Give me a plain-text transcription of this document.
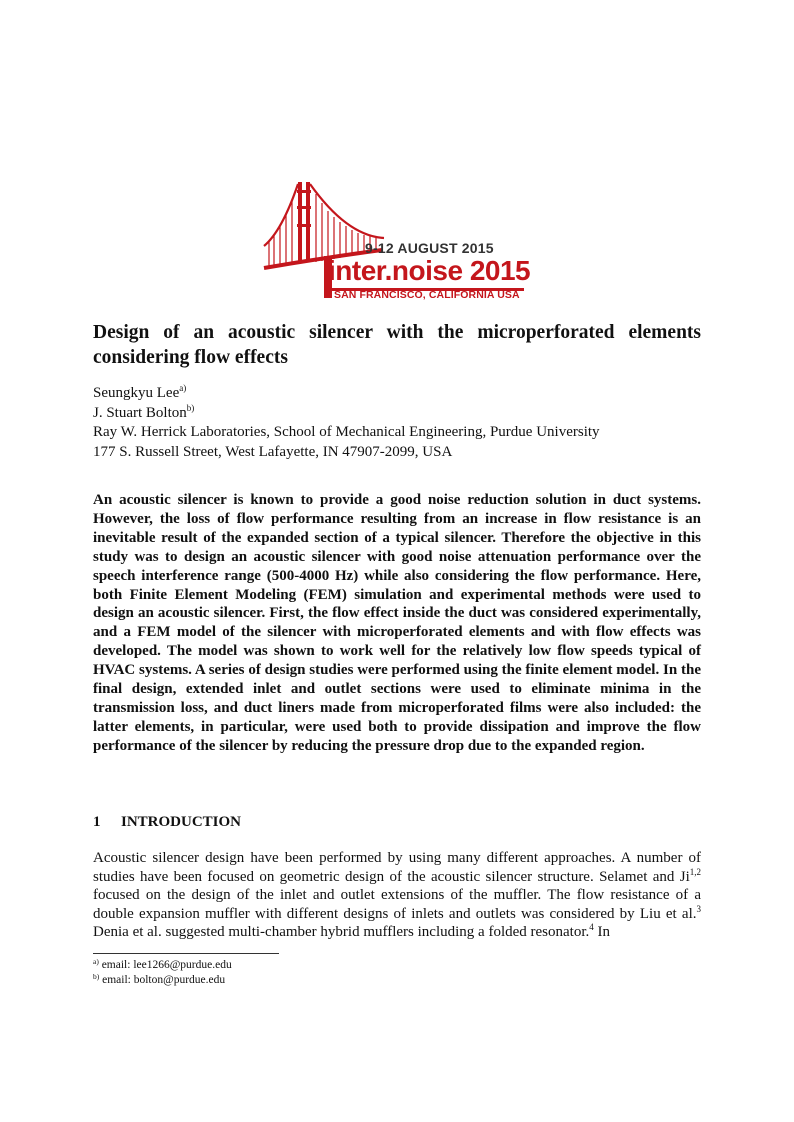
9-12 AUGUST 2015
inter.noise 2015
SAN FRANCISCO, CALIFORNIA USA
Design of an acoustic silencer with the microperforated elements considering flow effects
Seungkyu Lee$^{a)}$
J. Stuart Bolton$^{b)}$
Ray W. Herrick Laboratories, School of Mechanical Engineering, Purdue University
177 S. Russell Street, West Lafayette, IN 47907-2099, USA

An acoustic silencer is known to provide a good noise reduction solution in duct systems. However, the loss of flow performance resulting from an increase in flow resistance is an inevitable result of the expanded section of a typical silencer. Therefore the objective in this study was to design an acoustic silencer with good noise attenuation performance over the speech interference range (500-4000 Hz) while also considering the flow performance. Here, both Finite Element Modeling (FEM) simulation and experimental methods were used to design an acoustic silencer. First, the flow effect inside the duct was considered experimentally, and a FEM model of the silencer with microperforated elements and with flow effects was developed. The model was shown to work well for the relatively low flow speeds typical of HVAC systems. A series of design studies were performed using the finite element model. In the final design, extended inlet and outlet sections were used to eliminate minima in the transmission loss, and duct liners made from microperforated films were also included: the latter elements, in particular, were used both to provide dissipation and improve the flow performance of the silencer by reducing the pressure drop due to the expanded region.

1 INTRODUCTION

Acoustic silencer design have been performed by using many different approaches. A number of studies have been focused on geometric design of the acoustic silencer structure. Selamet and Ji$^{1,2}$ focused on the design of the inlet and outlet extensions of the muffler. The flow resistance of a double expansion muffler with different designs of inlets and outlets was considered by Liu et al.$^3$ Denia et al. suggested multi-chamber hybrid mufflers including a folded resonator.$^4$ In

$^{a)}$ email: lee1266@purdue.edu
$^{b)}$ email: bolton@purdue.edu
